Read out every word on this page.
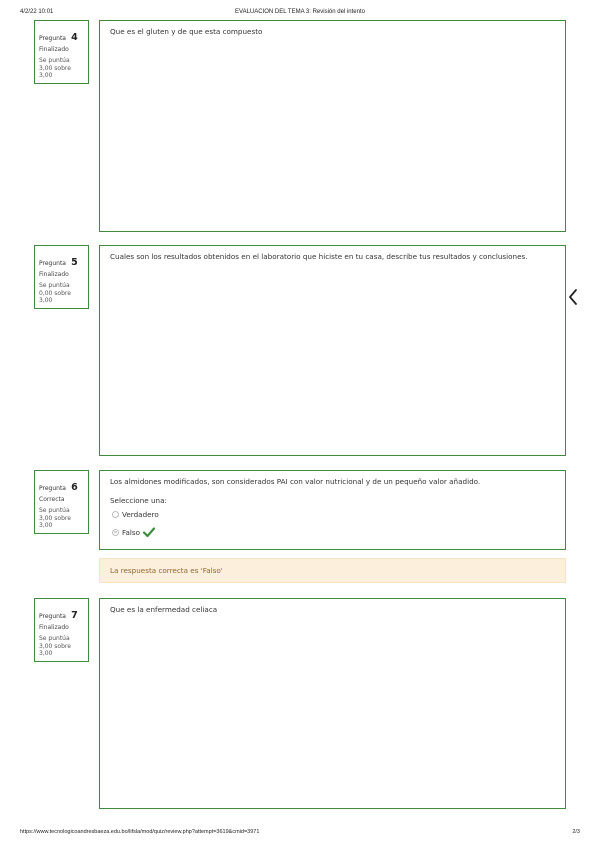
4/2/22 10:01	EVALUACION DEL TEMA 3: Revisión del intento
Pregunta 4
Finalizado
Se puntúa 3,00 sobre 3,00
Que es el gluten y de que esta compuesto
Pregunta 5
Finalizado
Se puntúa 0,00 sobre 3,00
Cuales son los resultados obtenidos en el laboratorio que hiciste en tu casa, describe tus resultados y conclusiones.
Pregunta 6
Correcta
Se puntúa 3,00 sobre 3,00
Los almidones modificados, son considerados PAI con valor nutricional y de un pequeño valor añadido.
Seleccione una:
Verdadero
Falso
La respuesta correcta es 'Falso'
Pregunta 7
Finalizado
Se puntúa 3,00 sobre 3,00
Que es la enfermedad celiaca
https://www.tecnologicoandresbaeza.edu.bo/lifsla/mod/quiz/review.php?attempt=3619&cmid=3971	2/3
